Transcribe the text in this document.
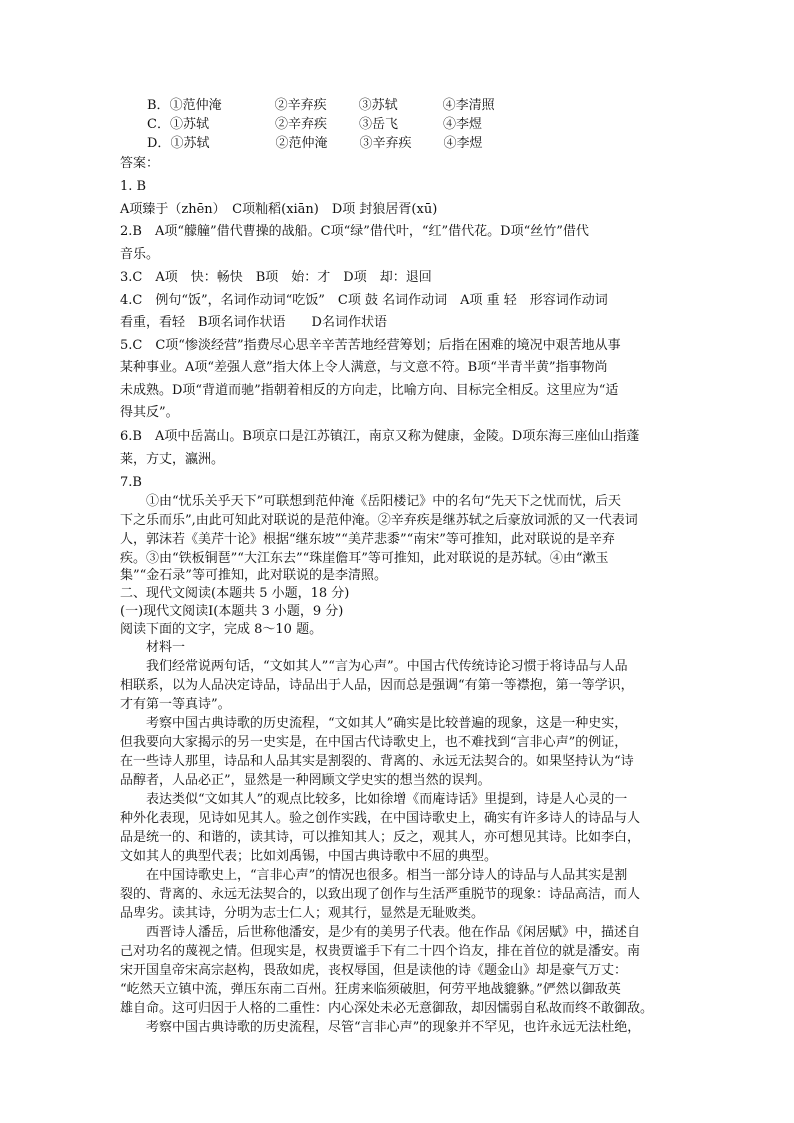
B．①范仲淹	②辛弃疾 ③苏轼	④李清照
C．①苏轼	②辛弃疾 ③岳飞	④李煜
D．①苏轼	②范仲淹 ③辛弃疾 ④李煜
答案：
1. B
A项臻于（zhēn）　C项籼稻(xiān)　D项 封狼居胥(xū)
2.B　A项“艨艟”借代曹操的战船。C项“绿”借代叶，“红”借代花。D项“丝竹”借代
音乐。
3.C　A项　快：畅快　B项　始：才　D项　却：退回
4.C　例句“饭”，名词作动词“吃饭”　C项 鼓 名词作动词　A项 重 轻　形容词作动词
看重，看轻　B项名词作状语　　D名词作状语
5.C　C项“惨淡经营”指费尽心思辛辛苦苦地经营筹划；后指在困难的境况中艰苦地从事
某种事业。A项“差强人意”指大体上令人满意，与文意不符。B项“半青半黄”指事物尚
未成熟。D项“背道而驰”指朝着相反的方向走，比喻方向、目标完全相反。这里应为“适
得其反”。
6.B　A项中岳嵩山。B项京口是江苏镇江，南京又称为健康，金陵。D项东海三座仙山指蓬
莱，方丈，瀛洲。
7.B
　　①由“忧乐关乎天下”可联想到范仲淹《岳阳楼记》中的名句“先天下之忧而忧，后天
下之乐而乐”,由此可知此对联说的是范仲淹。②辛弃疾是继苏轼之后豪放词派的又一代表词
人，郭沫若《美芹十论》根据“继东坡”“美芹悲黍”“南宋”等可推知，此对联说的是辛弃
疾。③由“铁板铜琶”“大江东去”“珠崖儋耳”等可推知，此对联说的是苏轼。④由“漱玉
集”“金石录”等可推知，此对联说的是李清照。
二、现代文阅读(本题共 5 小题，18 分)
(一)现代文阅读Ⅰ(本题共 3 小题，9 分)
阅读下面的文字，完成 8～10 题。
　　材料一
　　我们经常说两句话，“文如其人”“言为心声”。中国古代传统诗论习惯于将诗品与人品
相联系，以为人品决定诗品，诗品出于人品，因而总是强调“有第一等襟抱，第一等学识，
才有第一等真诗”。
　　考察中国古典诗歌的历史流程，“文如其人”确实是比较普遍的现象，这是一种史实，
但我要向大家揭示的另一史实是，在中国古代诗歌史上，也不难找到“言非心声”的例证，
在一些诗人那里，诗品和人品其实是割裂的、背离的、永远无法契合的。如果坚持认为“诗
品醇者，人品必正”，显然是一种罔顾文学史实的想当然的误判。
　　表达类似“文如其人”的观点比较多，比如徐增《而庵诗话》里提到，诗是人心灵的一
种外化表现，见诗如见其人。验之创作实践，在中国诗歌史上，确实有许多诗人的诗品与人
品是统一的、和谐的，读其诗，可以推知其人；反之，观其人，亦可想见其诗。比如李白，
文如其人的典型代表；比如刘禹锡，中国古典诗歌中不屈的典型。
　　在中国诗歌史上，“言非心声”的情况也很多。相当一部分诗人的诗品与人品其实是割
裂的、背离的、永远无法契合的，以致出现了创作与生活严重脱节的现象：诗品高洁，而人
品卑劣。读其诗，分明为志士仁人；观其行，显然是无耻败类。
　　西晋诗人潘岳，后世称他潘安，是少有的美男子代表。他在作品《闲居赋》中，描述自
己对功名的蔑视之情。但现实是，权贵贾谧手下有二十四个诌友，排在首位的就是潘安。南
宋开国皇帝宋高宗赵构，畏敌如虎，丧权辱国，但是读他的诗《题金山》却是豪气万丈：
“屹然天立镇中流，弹压东南二百州。狂虏来临须破胆，何劳平地战貔貅。”俨然以御敌英
雄自命。这可归因于人格的二重性：内心深处未必无意御敌，却因懦弱自私故而终不敢御敌。
　　考察中国古典诗歌的历史流程，尽管“言非心声”的现象并不罕见，也许永远无法杜绝，
